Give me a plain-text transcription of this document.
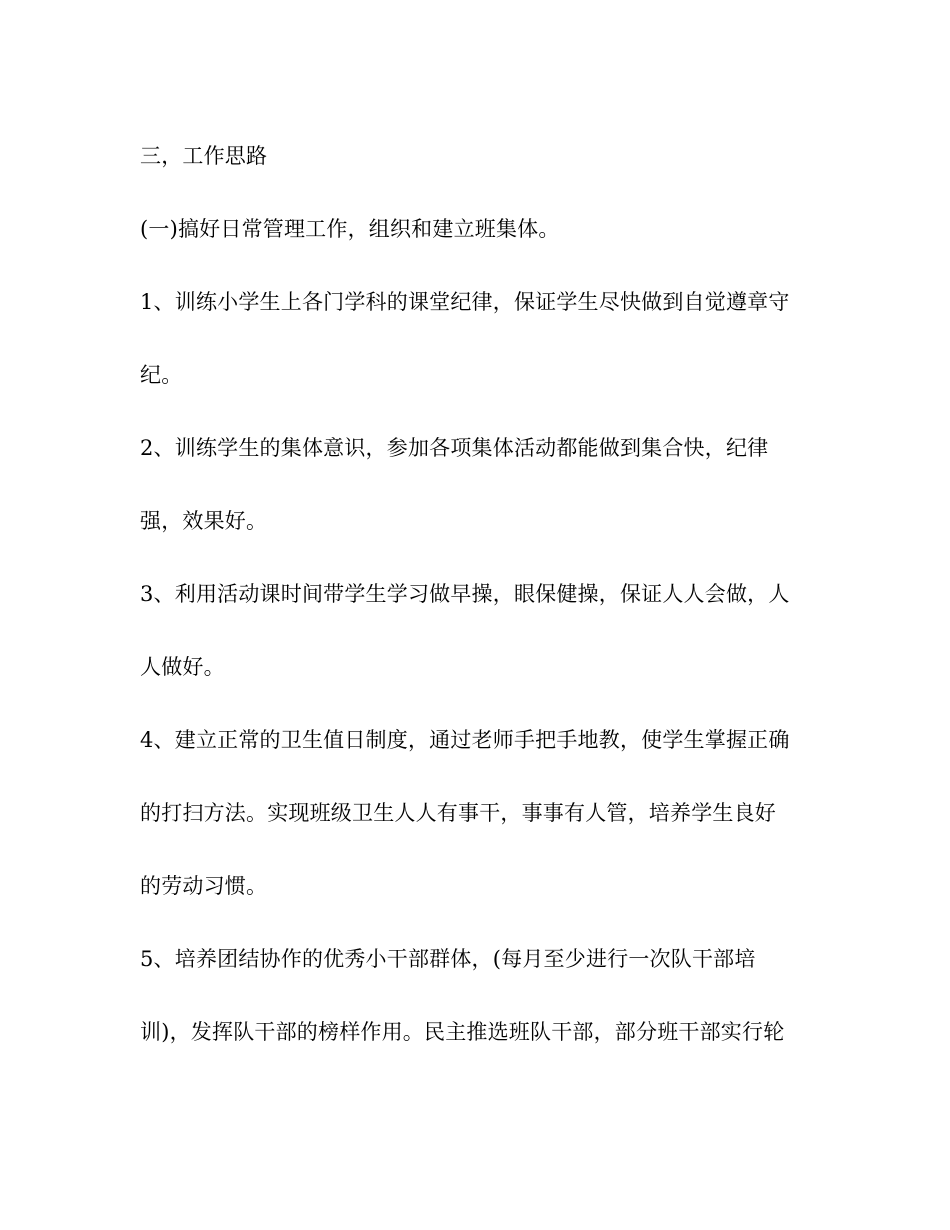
三，工作思路
(一)搞好日常管理工作，组织和建立班集体。
1、训练小学生上各门学科的课堂纪律，保证学生尽快做到自觉遵章守
纪。
2、训练学生的集体意识，参加各项集体活动都能做到集合快，纪律
强，效果好。
3、利用活动课时间带学生学习做早操，眼保健操，保证人人会做，人
人做好。
4、建立正常的卫生值日制度，通过老师手把手地教，使学生掌握正确
的打扫方法。实现班级卫生人人有事干，事事有人管，培养学生良好
的劳动习惯。
5、培养团结协作的优秀小干部群体，(每月至少进行一次队干部培
训)，发挥队干部的榜样作用。民主推选班队干部，部分班干部实行轮
